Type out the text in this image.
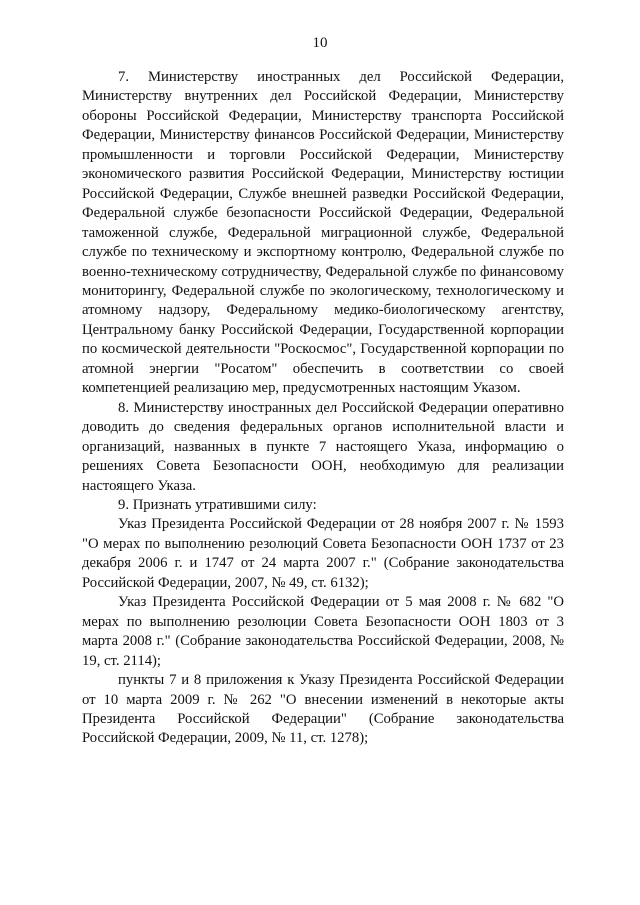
10

7. Министерству иностранных дел Российской Федерации, Министерству внутренних дел Российской Федерации, Министерству обороны Российской Федерации, Министерству транспорта Российской Федерации, Министерству финансов Российской Федерации, Министерству промышленности и торговли Российской Федерации, Министерству экономического развития Российской Федерации, Министерству юстиции Российской Федерации, Службе внешней разведки Российской Федерации, Федеральной службе безопасности Российской Федерации, Федеральной таможенной службе, Федеральной миграционной службе, Федеральной службе по техническому и экспортному контролю, Федеральной службе по военно-техническому сотрудничеству, Федеральной службе по финансовому мониторингу, Федеральной службе по экологическому, технологическому и атомному надзору, Федеральному медико-биологическому агентству, Центральному банку Российской Федерации, Государственной корпорации по космической деятельности "Роскосмос", Государственной корпорации по атомной энергии "Росатом" обеспечить в соответствии со своей компетенцией реализацию мер, предусмотренных настоящим Указом.

8. Министерству иностранных дел Российской Федерации оперативно доводить до сведения федеральных органов исполнительной власти и организаций, названных в пункте 7 настоящего Указа, информацию о решениях Совета Безопасности ООН, необходимую для реализации настоящего Указа.

9. Признать утратившими силу:

Указ Президента Российской Федерации от 28 ноября 2007 г. № 1593 "О мерах по выполнению резолюций Совета Безопасности ООН 1737 от 23 декабря 2006 г. и 1747 от 24 марта 2007 г." (Собрание законодательства Российской Федерации, 2007, № 49, ст. 6132);

Указ Президента Российской Федерации от 5 мая 2008 г. № 682 "О мерах по выполнению резолюции Совета Безопасности ООН 1803 от 3 марта 2008 г." (Собрание законодательства Российской Федерации, 2008, № 19, ст. 2114);

пункты 7 и 8 приложения к Указу Президента Российской Федерации от 10 марта 2009 г. № 262 "О внесении изменений в некоторые акты Президента Российской Федерации" (Собрание законодательства Российской Федерации, 2009, № 11, ст. 1278);
